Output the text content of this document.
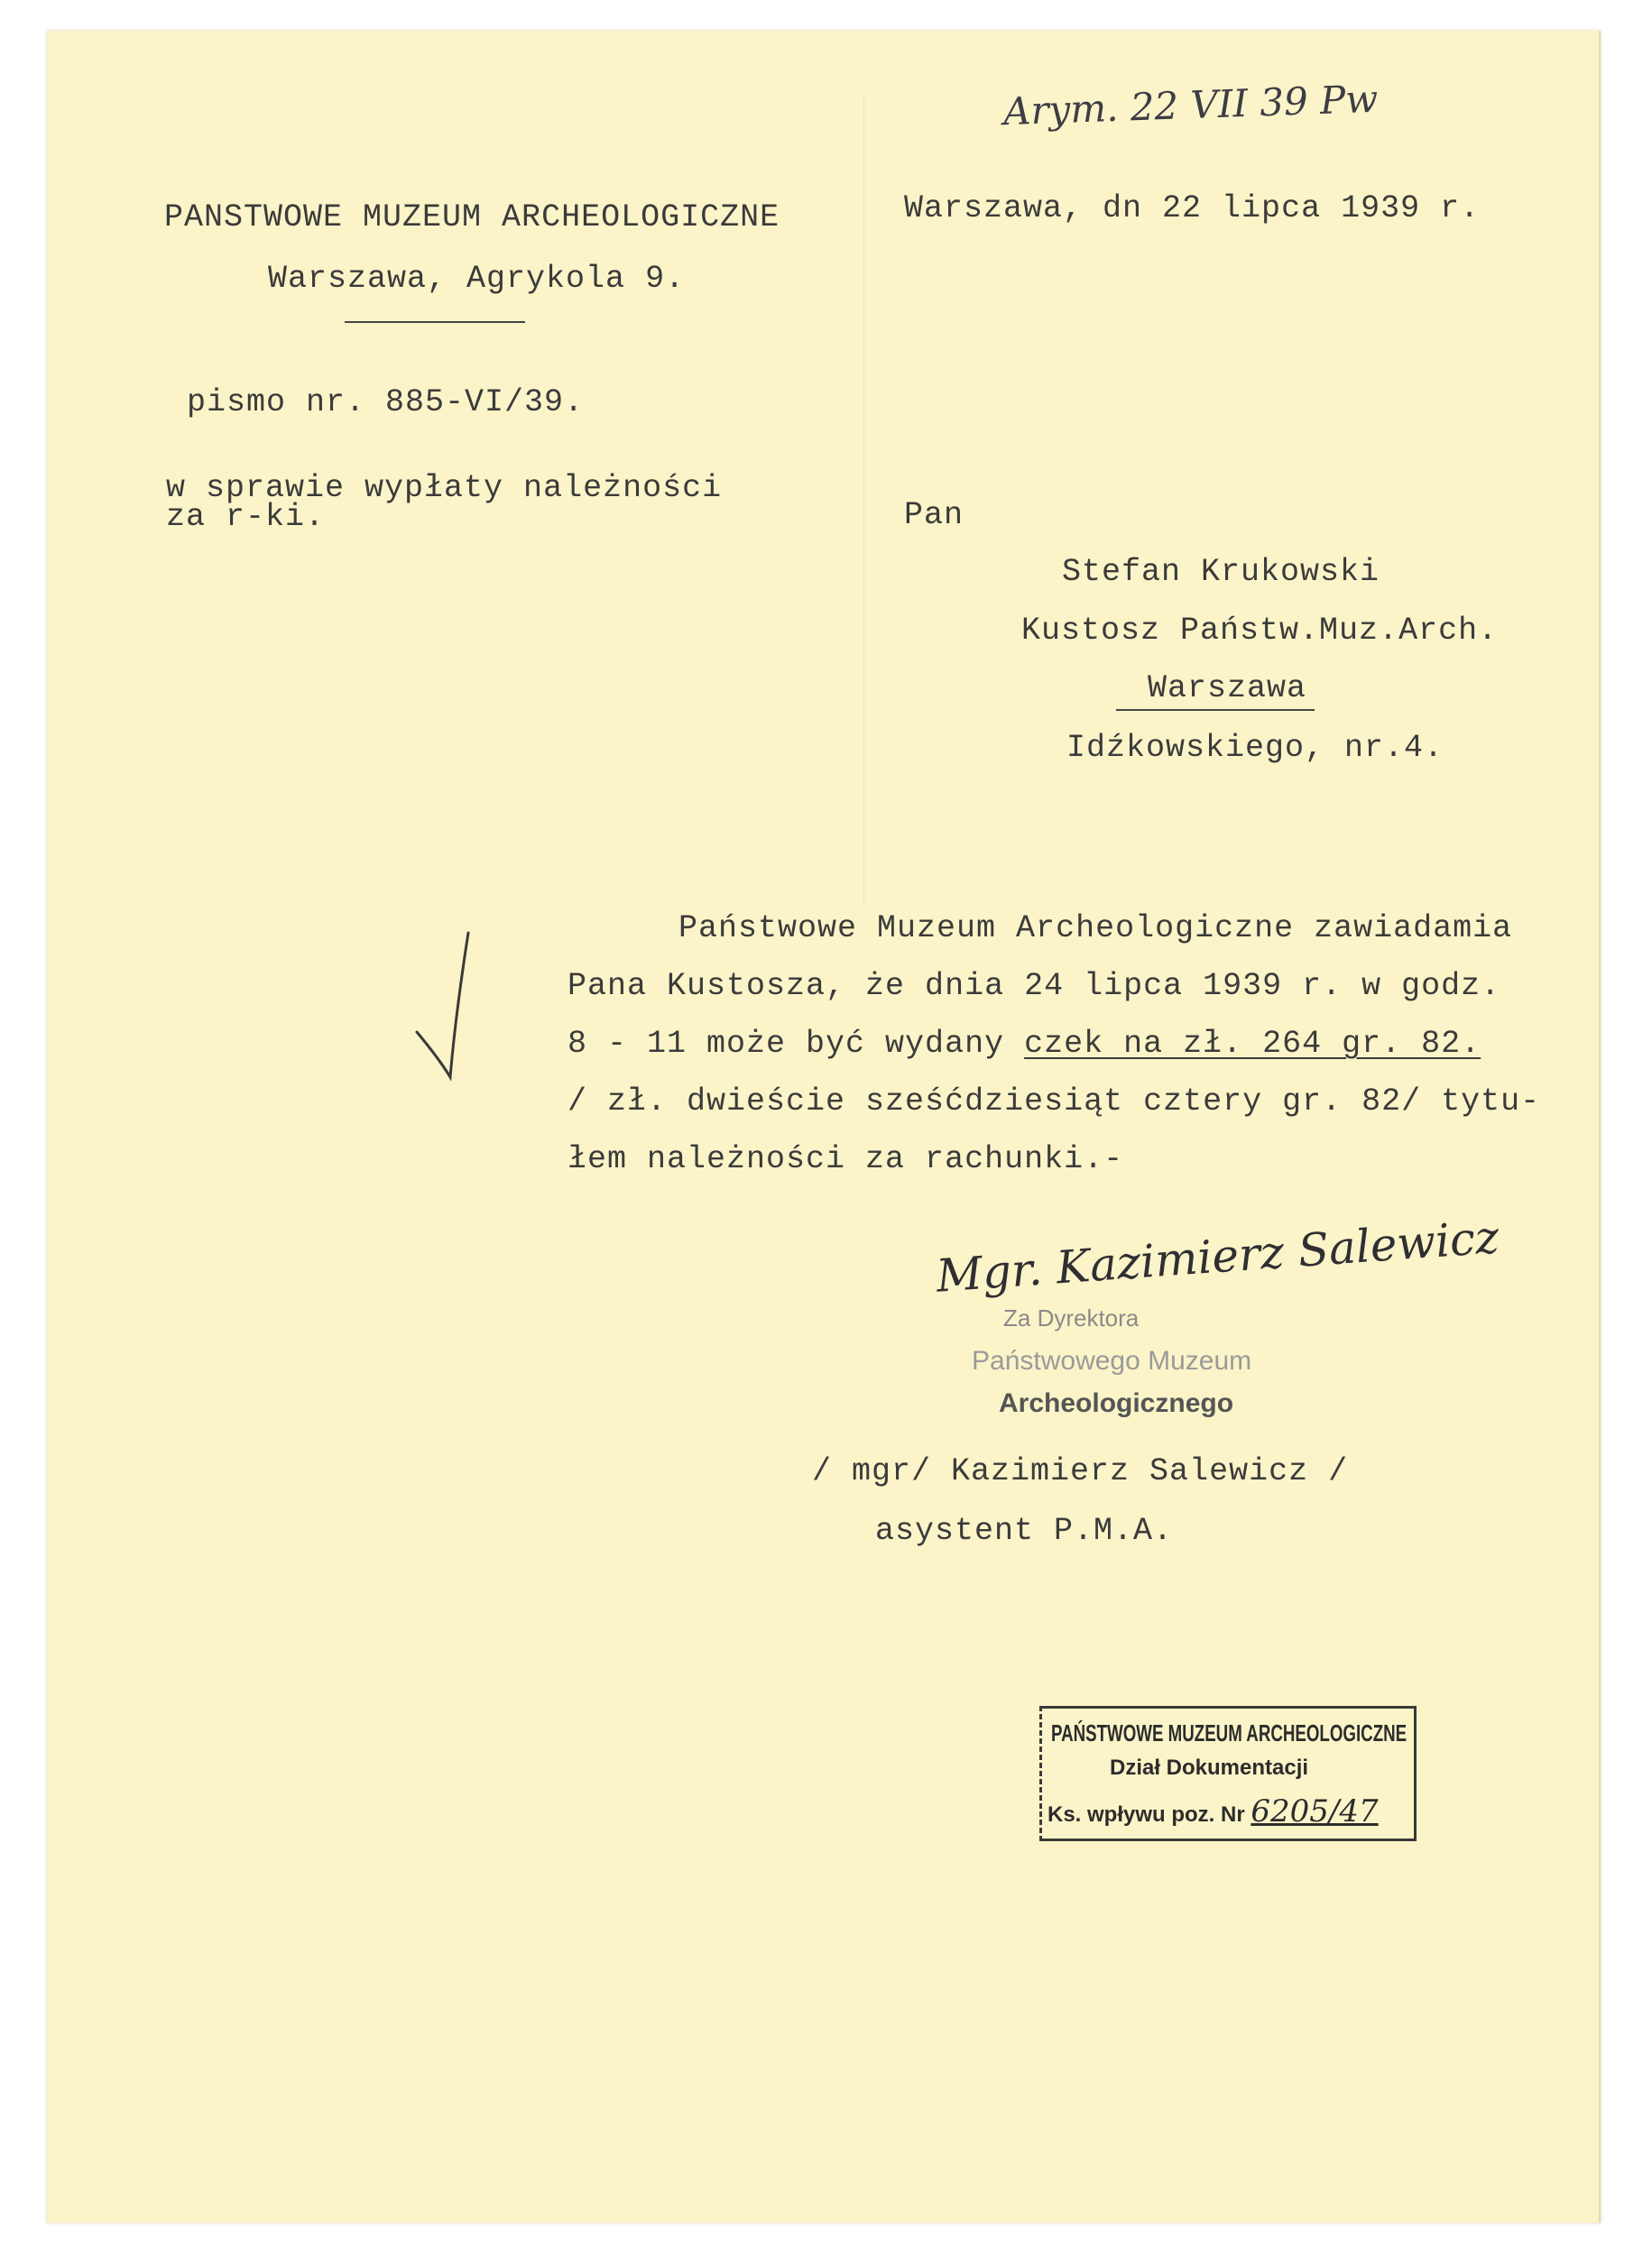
Arym. 22 VII 39 Pw
PANSTWOWE MUZEUM ARCHEOLOGICZNE
Warszawa, Agrykola 9.
Warszawa, dn 22 lipca 1939 r.
pismo nr. 885-VI/39.
w sprawie wypłaty należności
za r-ki.	Pan
Stefan Krukowski
Kustosz Państw.Muz.Arch.
Warszawa
Idźkowskiego, nr.4.
Państwowe Muzeum Archeologiczne zawiadamia
Pana Kustosza, że dnia 24 lipca 1939 r. w godz.
8 - 11 może być wydany czek na zł. 264 gr. 82.
/ zł. dwieście sześćdziesiąt cztery gr. 82/ tytu-
łem należności za rachunki.-
Mgr. Kazimierz Salewicz
Za Dyrektora
Państwowego Muzeum
Archeologicznego
/ mgr/ Kazimierz Salewicz /
asystent P.M.A.
PAŃSTWOWE MUZEUM ARCHEOLOGICZNE
Dział Dokumentacji
Ks. wpływu poz. Nr 6205/47
